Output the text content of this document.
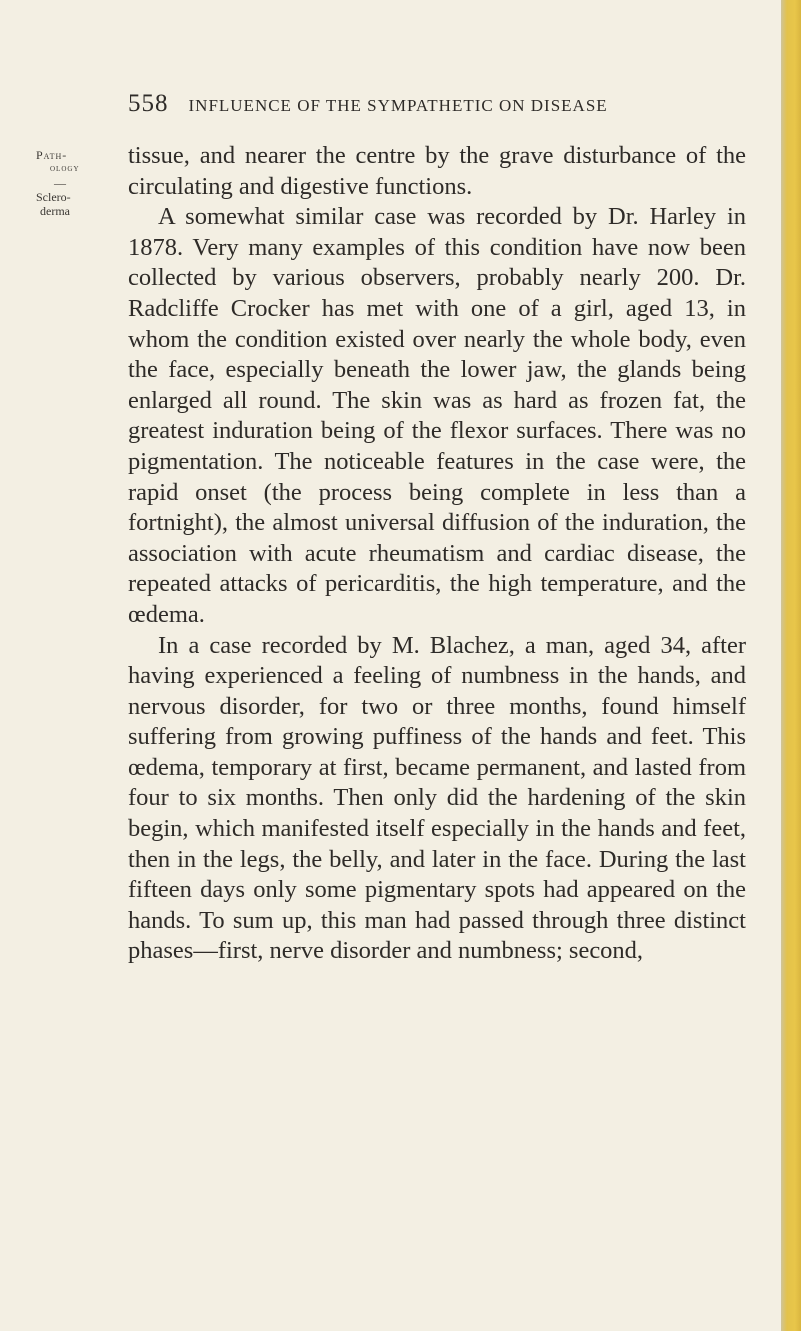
558 INFLUENCE OF THE SYMPATHETIC ON DISEASE
Path-
ology
—
Sclero-
derma

tissue, and nearer the centre by the grave disturbance of the circulating and digestive functions.

A somewhat similar case was recorded by Dr. Harley in 1878. Very many examples of this condition have now been collected by various observers, probably nearly 200. Dr. Radcliffe Crocker has met with one of a girl, aged 13, in whom the condition existed over nearly the whole body, even the face, especially beneath the lower jaw, the glands being enlarged all round. The skin was as hard as frozen fat, the greatest induration being of the flexor surfaces. There was no pigmentation. The noticeable features in the case were, the rapid onset (the process being complete in less than a fortnight), the almost universal diffusion of the induration, the association with acute rheumatism and cardiac disease, the repeated attacks of pericarditis, the high temperature, and the œdema.

In a case recorded by M. Blachez, a man, aged 34, after having experienced a feeling of numbness in the hands, and nervous disorder, for two or three months, found himself suffering from growing puffiness of the hands and feet. This œdema, temporary at first, became permanent, and lasted from four to six months. Then only did the hardening of the skin begin, which manifested itself especially in the hands and feet, then in the legs, the belly, and later in the face. During the last fifteen days only some pigmentary spots had appeared on the hands. To sum up, this man had passed through three distinct phases—first, nerve disorder and numbness; second,
